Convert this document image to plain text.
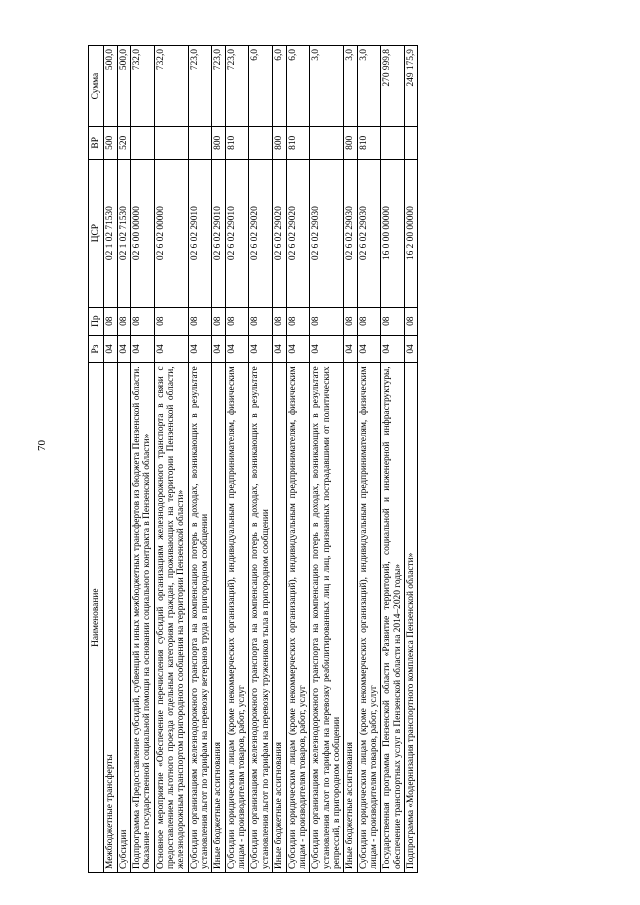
70
Наименование	Рз	Пр	ЦСР	ВР	Сумма
Межбюджетные трансферты	04	08	02 1 02 71530	500	500,0
Субсидии	04	08	02 1 02 71530	520	500,0
Подпрограмма «Предоставление субсидий, субвенций и иных межбюджетных трансфертов из бюджета Пензенской области. Оказание государственной социальной помощи на основании социального контракта в Пензенской области»	04	08	02 6 00 00000		732,0
Основное мероприятие «Обеспечение перечисления субсидий организациям железнодорожного транспорта в связи с предоставлением льготного проезда отдельным категориям граждан, проживающих на территории Пензенской области, железнодорожным транспортом пригородного сообщения на территории Пензенской области»	04	08	02 6 02 00000		732,0
Субсидии организациям железнодорожного транспорта на компенсацию потерь в доходах, возникающих в результате установления льгот по тарифам на перевозку ветеранов труда в пригородном сообщении	04	08	02 6 02 29010		723,0
Иные бюджетные ассигнования	04	08	02 6 02 29010	800	723,0
Субсидии юридическим лицам (кроме некоммерческих организаций), индивидуальным предпринимателям, физическим лицам - производителям товаров, работ, услуг	04	08	02 6 02 29010	810	723,0
Субсидии организациям железнодорожного транспорта на компенсацию потерь в доходах, возникающих в результате установления льгот по тарифам на перевозку тружеников тыла в пригородном сообщении	04	08	02 6 02 29020		6,0
Иные бюджетные ассигнования	04	08	02 6 02 29020	800	6,0
Субсидии юридическим лицам (кроме некоммерческих организаций), индивидуальным предпринимателям, физическим лицам - производителям товаров, работ, услуг	04	08	02 6 02 29020	810	6,0
Субсидии организациям железнодорожного транспорта на компенсацию потерь в доходах, возникающих в результате установления льгот по тарифам на перевозку реабилитированных лиц и лиц, признанных пострадавшими от политических репрессий, в пригородном сообщении	04	08	02 6 02 29030		3,0
Иные бюджетные ассигнования	04	08	02 6 02 29030	800	3,0
Субсидии юридическим лицам (кроме некоммерческих организаций), индивидуальным предпринимателям, физическим лицам - производителям товаров, работ, услуг	04	08	02 6 02 29030	810	3,0
Государственная программа Пензенской области «Развитие территорий, социальной и инженерной инфраструктуры, обеспечение транспортных услуг в Пензенской области на 2014–2020 годы»	04	08	16 0 00 00000		270 999,8
Подпрограмма «Модернизация транспортного комплекса Пензенской области»	04	08	16 2 00 00000		249 175,9
